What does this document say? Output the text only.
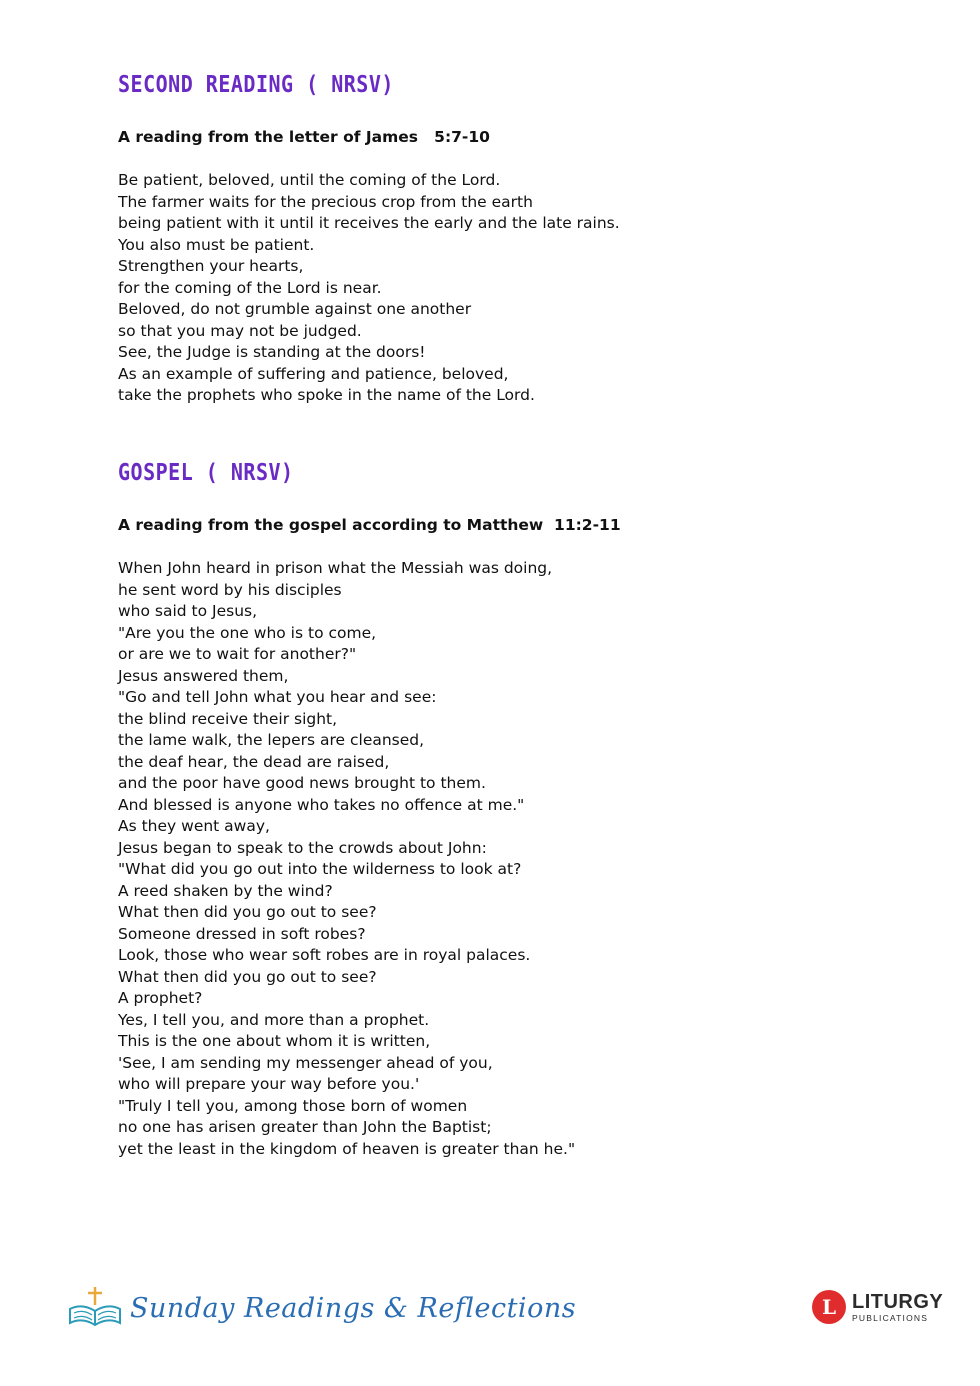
SECOND READING ( NRSV)

A reading from the letter of James   5:7-10

Be patient, beloved, until the coming of the Lord.
The farmer waits for the precious crop from the earth
being patient with it until it receives the early and the late rains.
You also must be patient.
Strengthen your hearts,
for the coming of the Lord is near.
Beloved, do not grumble against one another
so that you may not be judged.
See, the Judge is standing at the doors!
As an example of suffering and patience, beloved,
take the prophets who spoke in the name of the Lord.
GOSPEL ( NRSV)

A reading from the gospel according to Matthew  11:2-11

When John heard in prison what the Messiah was doing,
he sent word by his disciples
who said to Jesus,
"Are you the one who is to come,
or are we to wait for another?"
Jesus answered them,
"Go and tell John what you hear and see:
the blind receive their sight,
the lame walk, the lepers are cleansed,
the deaf hear, the dead are raised,
and the poor have good news brought to them.
And blessed is anyone who takes no offence at me."
As they went away,
Jesus began to speak to the crowds about John:
"What did you go out into the wilderness to look at?
A reed shaken by the wind?
What then did you go out to see?
Someone dressed in soft robes?
Look, those who wear soft robes are in royal palaces.
What then did you go out to see?
A prophet?
Yes, I tell you, and more than a prophet.
This is the one about whom it is written,
'See, I am sending my messenger ahead of you,
who will prepare your way before you.'
"Truly I tell you, among those born of women
no one has arisen greater than John the Baptist;
yet the least in the kingdom of heaven is greater than he."
Sunday Readings & Reflections	L LITURGY
PUBLICATIONS
